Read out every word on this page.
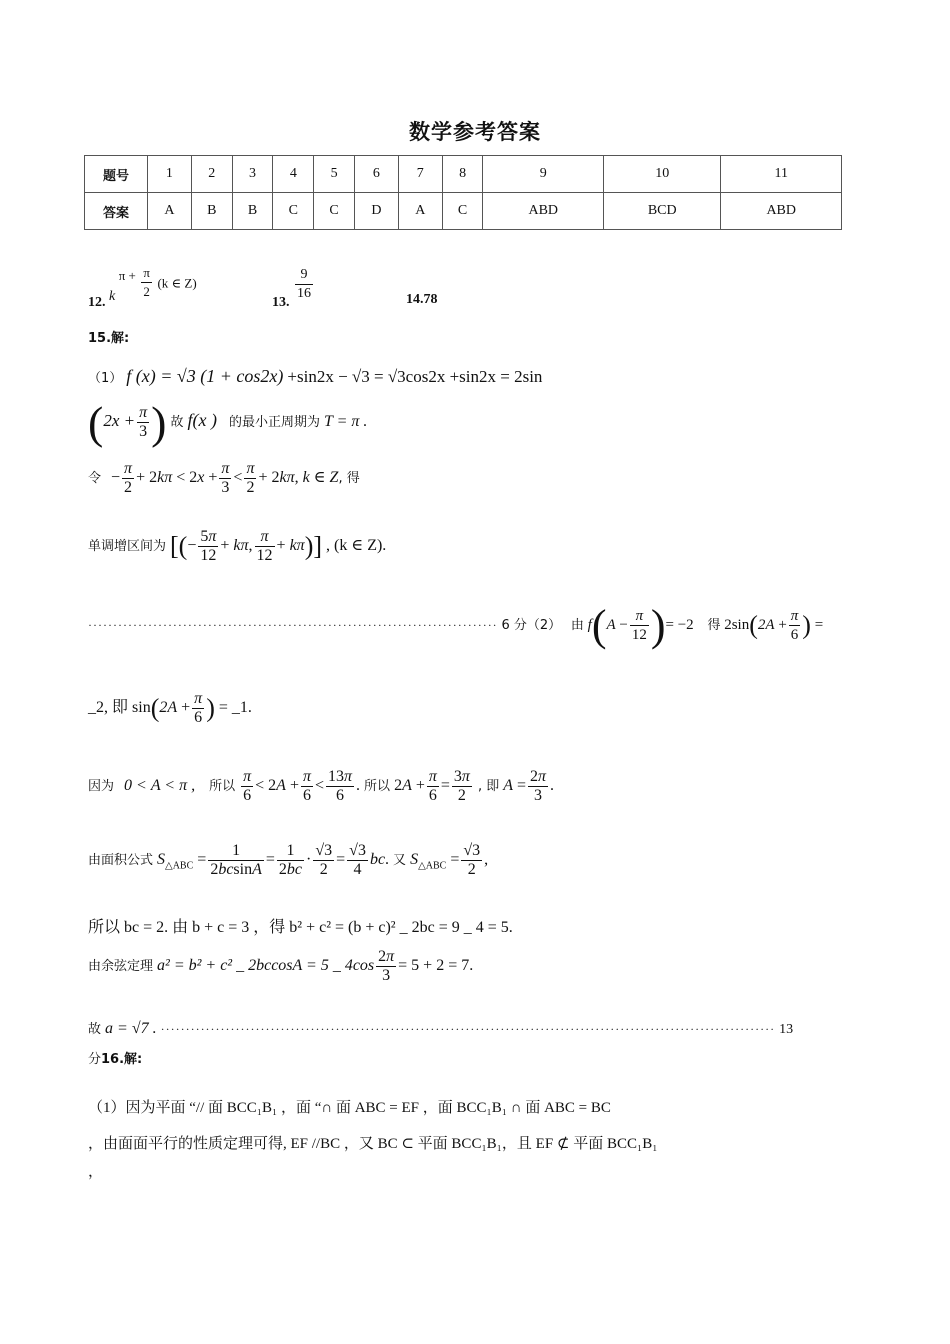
数学参考答案
题号	1	2	3	4	5	6	7	8	9	10	11
答案	A	B	B	C	C	D	A	C	ABD	BCD	ABD
12. k $\pi + \frac{\pi}{2} (k$ ∈ Z)
13. $\frac{9}{16}$	14.78
15.解:
（1） f (x) = √3 (1 + cos2x) +sin2x − √3 = √3cos2x +sin2x = 2sin
($2x + \frac{\pi}{3}$ ) 故 f(x ) 的最小正周期为 T = π .
令 − $\frac{\pi}{2} + 2k\pi < 2x + \frac{\pi}{3} < \frac{\pi}{2} + 2k\pi$, k ∈ Z, 得
单调增区间为 [(− $\frac{5\pi}{12} + k\pi$, $\frac{\pi}{12} + k\pi$)] , (k ∈ Z).
·················································································· 6 分（2） 由 $f(A - \frac{\pi}{12}$ )= −2 得 $2\sin(2A + \frac{\pi}{6}$ ) =
_2, 即 $\sin(2A + \frac{\pi}{6}$ ) = _1.
因为 0 < A < π , 所以 $\frac{\pi}{6} < 2A + \frac{\pi}{6} < \frac{13\pi}{6}$ . 所以 $2A + \frac{\pi}{6} = \frac{3\pi}{2}$ , 即 $A = \frac{2\pi}{3}$ .
由面积公式 $S_{\triangle ABC} = \frac{1}{2bcsinA} = \frac{1}{2bc} \cdot \frac{√3}{2} = \frac{√3}{4}$ bc. 又 $S_{\triangle ABC} = \frac{√3}{2}$ ,
所以 bc = 2. 由 b + c = 3 ，得 b² + c² = (b + c)² _ 2bc = 9 _ 4 = 5.
由余弦定理 a² = b² + c² _ 2bccosA = 5 _ $4\cos \frac{2\pi}{3} = 5 + 2 = 7$.
故 a = √7 . ··························································································································· 13
分16.解:
（1）因为平面 “// 面 BCC₁B₁ ，面 “∩ 面 ABC = EF ，面 BCC₁B₁ ∩ 面 ABC = BC
，由面面平行的性质定理可得, EF //BC ，又 BC ⊂ 平面 BCC₁B₁，且 EF ⊄ 平面 BCC₁B₁
，
